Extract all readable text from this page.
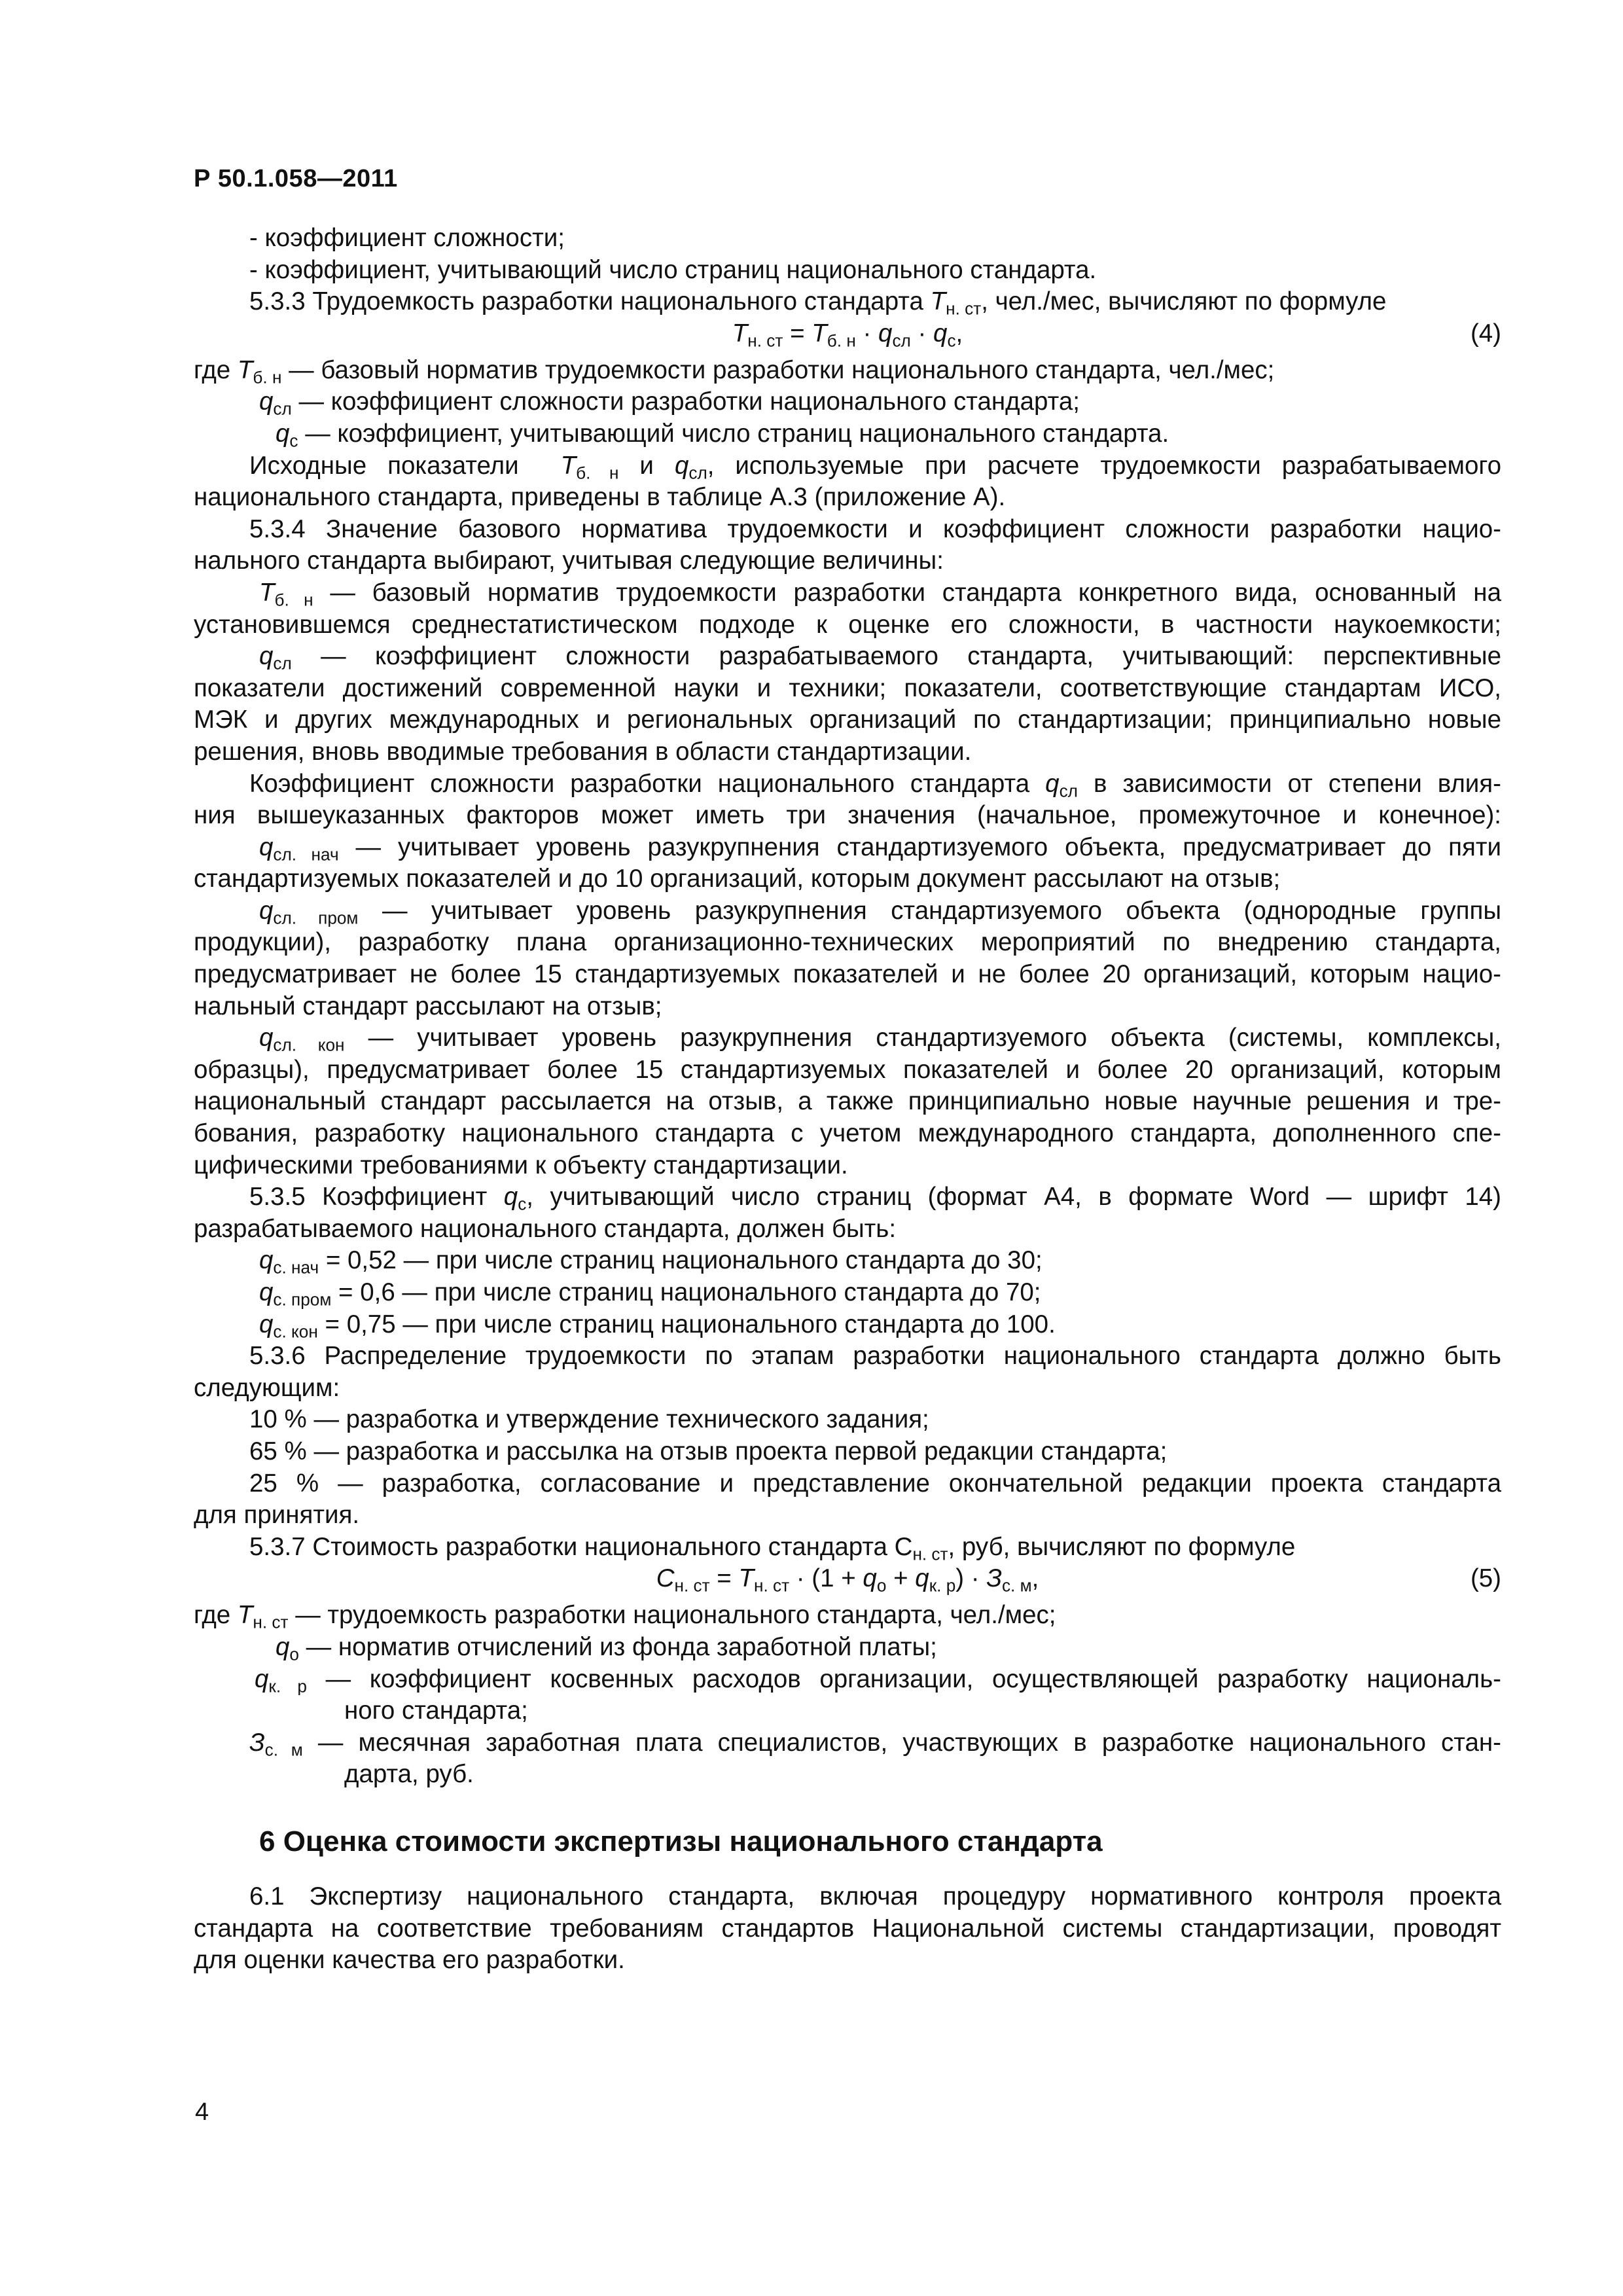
Р 50.1.058—2011
- коэффициент сложности;
- коэффициент, учитывающий число страниц национального стандарта.
5.3.3 Трудоемкость разработки национального стандарта $Т_{н. ст}$, чел./мес, вычисляют по формуле
$Т_{н. ст} = Т_{б. н} \cdot q_{сл} \cdot q_с$,	(4)
где $Т_{б. н}$ — базовый норматив трудоемкости разработки национального стандарта, чел./мес;
$q_{сл}$ — коэффициент сложности разработки национального стандарта;
$q_с$ — коэффициент, учитывающий число страниц национального стандарта.
Исходные показатели  $Т_{б. н}$ и $q_{сл}$, используемые при расчете трудоемкости разрабатываемого
национального стандарта, приведены в таблице А.3 (приложение А).
5.3.4 Значение базового норматива трудоемкости и коэффициент сложности разработки нацио-
нального стандарта выбирают, учитывая следующие величины:
$Т_{б. н}$ — базовый норматив трудоемкости разработки стандарта конкретного вида, основанный на
установившемся среднестатистическом подходе к оценке его сложности, в частности наукоемкости;
$q_{сл}$ — коэффициент сложности разрабатываемого стандарта, учитывающий: перспективные
показатели достижений современной науки и техники; показатели, соответствующие стандартам ИСО,
МЭК и других международных и региональных организаций по стандартизации; принципиально новые
решения, вновь вводимые требования в области стандартизации.
Коэффициент сложности разработки национального стандарта $q_{сл}$ в зависимости от степени влия-
ния вышеуказанных факторов может иметь три значения (начальное, промежуточное и конечное):
$q_{сл. нач}$ — учитывает уровень разукрупнения стандартизуемого объекта, предусматривает до пяти
стандартизуемых показателей и до 10 организаций, которым документ рассылают на отзыв;
$q_{сл. пром}$ — учитывает уровень разукрупнения стандартизуемого объекта (однородные группы
продукции), разработку плана организационно-технических мероприятий по внедрению стандарта,
предусматривает не более 15 стандартизуемых показателей и не более 20 организаций, которым нацио-
нальный стандарт рассылают на отзыв;
$q_{сл. кон}$ — учитывает уровень разукрупнения стандартизуемого объекта (системы, комплексы,
образцы), предусматривает более 15 стандартизуемых показателей и более 20 организаций, которым
национальный стандарт рассылается на отзыв, а также принципиально новые научные решения и тре-
бования, разработку национального стандарта с учетом международного стандарта, дополненного спе-
цифическими требованиями к объекту стандартизации.
5.3.5 Коэффициент $q_с$, учитывающий число страниц (формат А4, в формате Word — шрифт 14)
разрабатываемого национального стандарта, должен быть:
$q_{с. нач} = 0,52$ — при числе страниц национального стандарта до 30;
$q_{с. пром} = 0,6$ — при числе страниц национального стандарта до 70;
$q_{с. кон} = 0,75$ — при числе страниц национального стандарта до 100.
5.3.6 Распределение трудоемкости по этапам разработки национального стандарта должно быть
следующим:
10 % — разработка и утверждение технического задания;
65 % — разработка и рассылка на отзыв проекта первой редакции стандарта;
25 % — разработка, согласование и представление окончательной редакции проекта стандарта
для принятия.
5.3.7 Стоимость разработки национального стандарта $С_{н. ст}$, руб, вычисляют по формуле
$С_{н. ст} = Т_{н. ст} \cdot (1 + q_о + q_{к. р}) \cdot З_{с. м}$,	(5)
где $Т_{н. ст}$ — трудоемкость разработки национального стандарта, чел./мес;
$q_о$ — норматив отчислений из фонда заработной платы;
$q_{к. р}$ — коэффициент косвенных расходов организации, осуществляющей разработку националь-
ного стандарта;
$З_{с. м}$ — месячная заработная плата специалистов, участвующих в разработке национального стан-
дарта, руб.
6 Оценка стоимости экспертизы национального стандарта
6.1 Экспертизу национального стандарта, включая процедуру нормативного контроля проекта
стандарта на соответствие требованиям стандартов Национальной системы стандартизации, проводят
для оценки качества его разработки.
4
